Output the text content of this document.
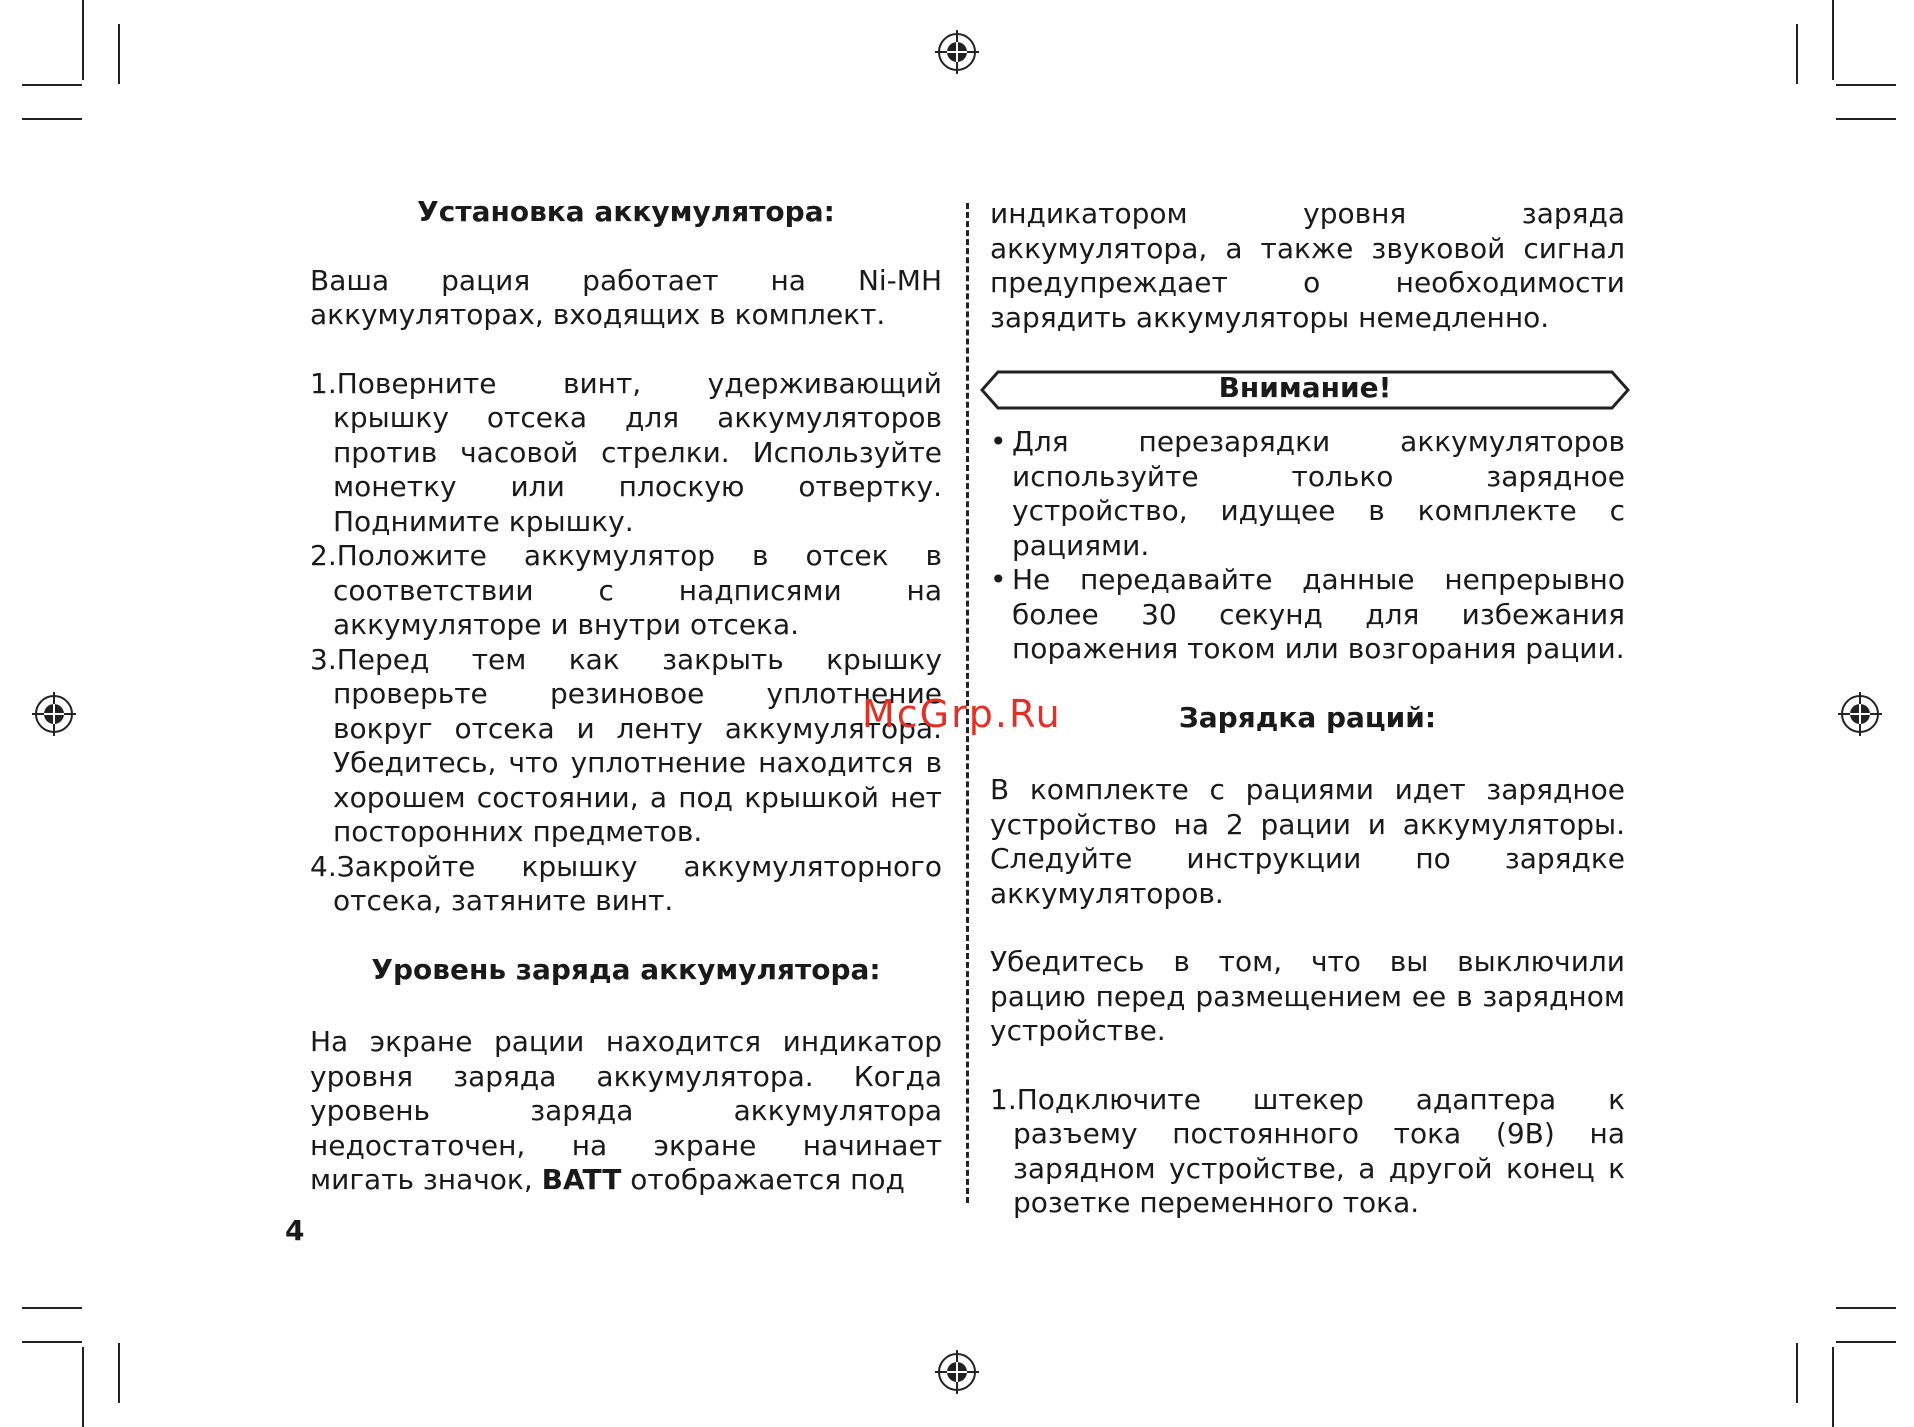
Установка аккумулятора:

Ваша рация работает на Ni-MH аккумуляторах, входящих в комплект.

1.Поверните винт, удерживающий крышку отсека для аккумуляторов против часовой стрелки. Используйте монетку или плоскую отвертку. Поднимите крышку.

2.Положите аккумулятор в отсек в соответствии с надписями на аккумуляторе и внутри отсека.

3.Перед тем как закрыть крышку проверьте резиновое уплотнение вокруг отсека и ленту аккумулятора. Убедитесь, что уплотнение находится в хорошем состоянии, а под крышкой нет посторонних предметов.

4.Закройте крышку аккумуляторного отсека, затяните винт.

Уровень заряда аккумулятора:

На экране рации находится индикатор уровня заряда аккумулятора. Когда уровень заряда аккумулятора недостаточен, на экране начинает мигать значок, BATT отображается под

индикатором уровня заряда аккумулятора, а также звуковой сигнал предупреждает о необходимости зарядить аккумуляторы немедленно.

Внимание!
• Для перезарядки аккумуляторов используйте только зарядное устройство, идущее в комплекте с рациями.
• Не передавайте данные непрерывно более 30 секунд для избежания поражения током или возгорания рации.

Зарядка раций:

В комплекте с рациями идет зарядное устройство на 2 рации и аккумуляторы. Следуйте инструкции по зарядке аккумуляторов.

Убедитесь в том, что вы выключили рацию перед размещением ее в зарядном устройстве.

1.Подключите штекер адаптера к разъему постоянного тока (9В) на зарядном устройстве, а другой конец к розетке переменного тока.

McGrp.Ru
4
